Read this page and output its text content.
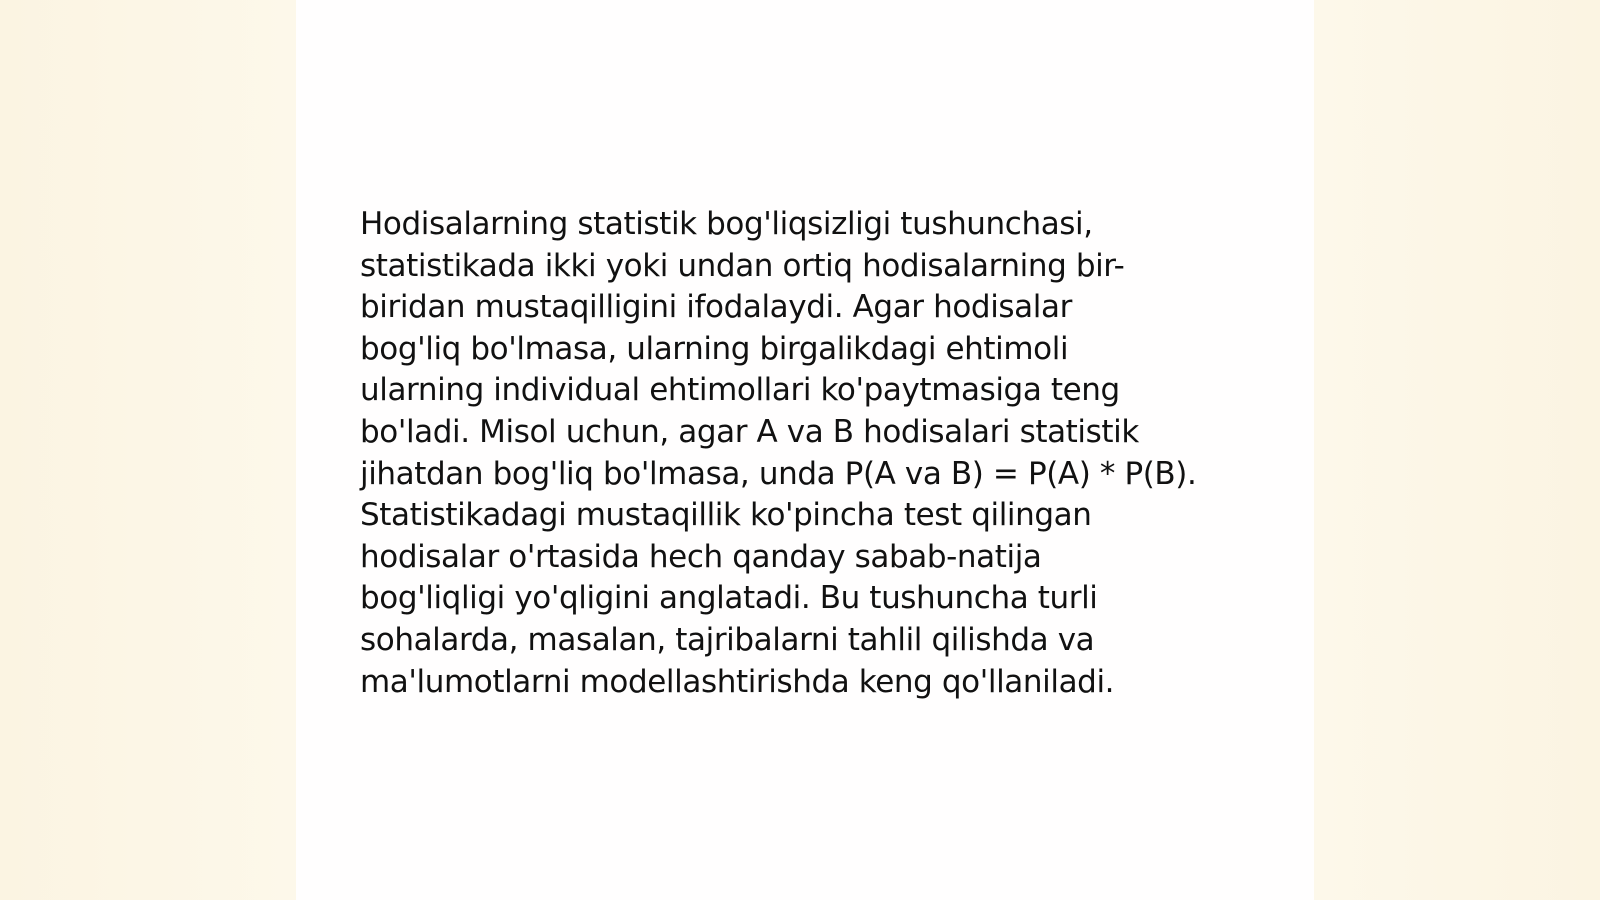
Hodisalarning statistik bog'liqsizligi tushunchasi,
statistikada ikki yoki undan ortiq hodisalarning bir-
biridan mustaqilligini ifodalaydi. Agar hodisalar
bog'liq bo'lmasa, ularning birgalikdagi ehtimoli
ularning individual ehtimollari ko'paytmasiga teng
bo'ladi. Misol uchun, agar A va B hodisalari statistik
jihatdan bog'liq bo'lmasa, unda P(A va B) = P(A) * P(B).
Statistikadagi mustaqillik ko'pincha test qilingan
hodisalar o'rtasida hech qanday sabab-natija
bog'liqligi yo'qligini anglatadi. Bu tushuncha turli
sohalarda, masalan, tajribalarni tahlil qilishda va
ma'lumotlarni modellashtirishda keng qo'llaniladi.
